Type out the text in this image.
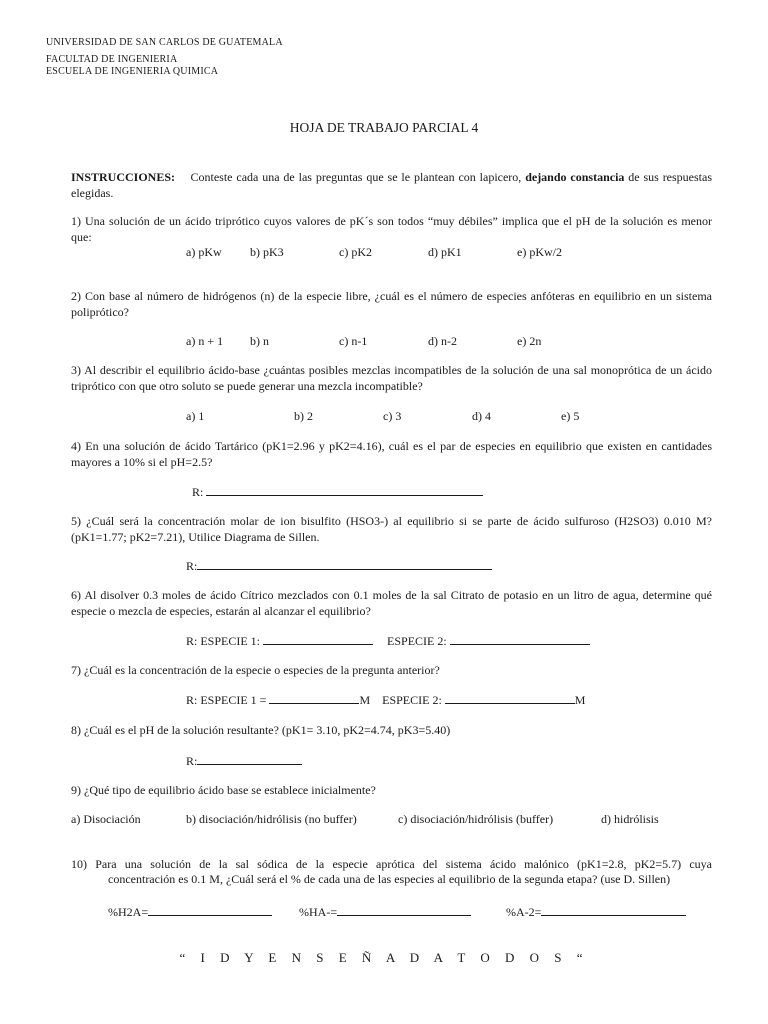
UNIVERSIDAD DE SAN CARLOS DE GUATEMALA
FACULTAD DE INGENIERIA
ESCUELA DE INGENIERIA QUIMICA
HOJA DE TRABAJO PARCIAL 4
INSTRUCCIONES: Conteste cada una de las preguntas que se le plantean con lapicero, dejando constancia de sus respuestas elegidas.
1) Una solución de un ácido triprótico cuyos valores de pK´s son todos “muy débiles” implica que el pH de la solución es menor que:
a) pKw b) pK3	c) pK2	d) pK1	e) pKw/2
2) Con base al número de hidrógenos (n) de la especie libre, ¿cuál es el número de especies anfóteras en equilibrio en un sistema poliprótico?
a) n + 1 b) n	c) n-1	d) n-2	e) 2n
3) Al describir el equilibrio ácido-base ¿cuántas posibles mezclas incompatibles de la solución de una sal monoprótica de un ácido triprótico con que otro soluto se puede generar una mezcla incompatible?
a) 1	b) 2	c) 3	d) 4	e) 5
4) En una solución de ácido Tartárico (pK1=2.96 y pK2=4.16), cuál es el par de especies en equilibrio que existen en cantidades mayores a 10% si el pH=2.5?
R:
5) ¿Cuál será la concentración molar de ion bisulfito (HSO3-) al equilibrio si se parte de ácido sulfuroso (H2SO3) 0.010 M? (pK1=1.77; pK2=7.21), Utilice Diagrama de Sillen.
R:
6) Al disolver 0.3 moles de ácido Cítrico mezclados con 0.1 moles de la sal Citrato de potasio en un litro de agua, determine qué especie o mezcla de especies, estarán al alcanzar el equilibrio?
R: ESPECIE 1:	ESPECIE 2:
7) ¿Cuál es la concentración de la especie o especies de la pregunta anterior?
R: ESPECIE 1 =	M ESPECIE 2:	M
8) ¿Cuál es el pH de la solución resultante? (pK1= 3.10, pK2=4.74, pK3=5.40)
R:
9) ¿Qué tipo de equilibrio ácido base se establece inicialmente?
a) Disociación	b) disociación/hidrólisis (no buffer)	c) disociación/hidrólisis (buffer)	d) hidrólisis
10) Para una solución de la sal sódica de la especie aprótica del sistema ácido malónico (pK1=2.8, pK2=5.7) cuya
concentración es 0.1 M, ¿Cuál será el % de cada una de las especies al equilibrio de la segunda etapa? (use D. Sillen)
%H2A=	%HA-=	%A-2=
“ I D Y E N S E Ñ A D A T O D O S “
